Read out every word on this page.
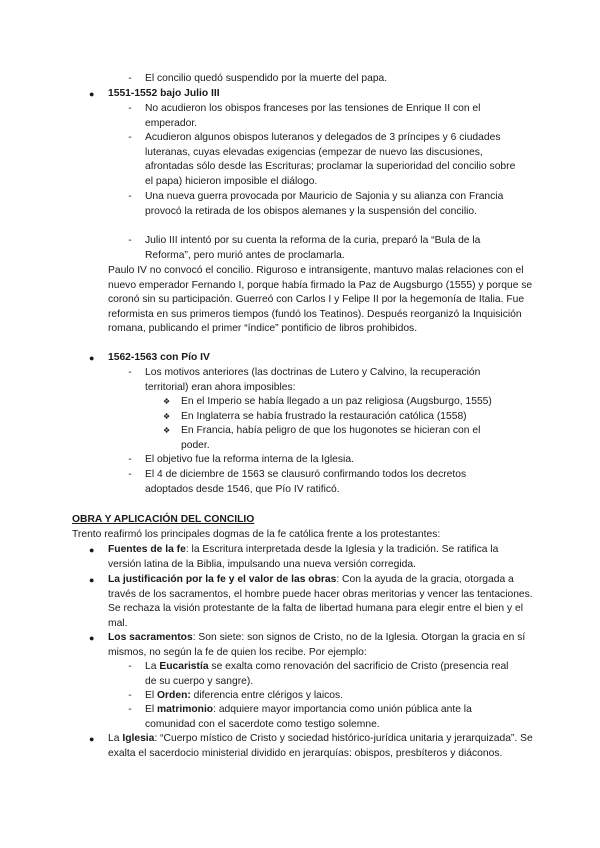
-	El concilio quedó suspendido por la muerte del papa.
● 1551-1552 bajo Julio III
-	No acudieron los obispos franceses por las tensiones de Enrique II con el emperador.
-	Acudieron algunos obispos luteranos y delegados de 3 príncipes y 6 ciudades luteranas, cuyas elevadas exigencias (empezar de nuevo las discusiones, afrontadas sólo desde las Escrituras; proclamar la superioridad del concilio sobre el papa) hicieron imposible el diálogo.
-	Una nueva guerra provocada por Mauricio de Sajonia y su alianza con Francia provocó la retirada de los obispos alemanes y la suspensión del concilio.
-	Julio III intentó por su cuenta la reforma de la curia, preparó la “Bula de la Reforma”, pero murió antes de proclamarla.
Paulo IV no convocó el concilio. Riguroso e intransigente, mantuvo malas relaciones con el nuevo emperador Fernando I, porque había firmado la Paz de Augsburgo (1555) y porque se coronó sin su participación. Guerreó con Carlos I y Felipe II por la hegemonía de Italia. Fue reformista en sus primeros tiempos (fundó los Teatinos). Después reorganizó la Inquisición romana, publicando el primer “índice” pontificio de libros prohibidos.
● 1562-1563 con Pío IV
-	Los motivos anteriores (las doctrinas de Lutero y Calvino, la recuperación territorial) eran ahora imposibles:
❖ En el Imperio se había llegado a un paz religiosa (Augsburgo, 1555)
❖ En Inglaterra se había frustrado la restauración católica (1558)
❖ En Francia, había peligro de que los hugonotes se hicieran con el poder.
-	El objetivo fue la reforma interna de la Iglesia.
-	El 4 de diciembre de 1563 se clausuró confirmando todos los decretos adoptados desde 1546, que Pío IV ratificó.
OBRA Y APLICACIÓN DEL CONCILIO
Trento reafirmó los principales dogmas de la fe católica frente a los protestantes:
● Fuentes de la fe: la Escritura interpretada desde la Iglesia y la tradición. Se ratifica la versión latina de la Biblia, impulsando una nueva versión corregida.
● La justificación por la fe y el valor de las obras: Con la ayuda de la gracia, otorgada a través de los sacramentos, el hombre puede hacer obras meritorias y vencer las tentaciones. Se rechaza la visión protestante de la falta de libertad humana para elegir entre el bien y el mal.
● Los sacramentos: Son siete: son signos de Cristo, no de la Iglesia. Otorgan la gracia en sí mismos, no según la fe de quien los recibe. Por ejemplo:
-	La Eucaristía se exalta como renovación del sacrificio de Cristo (presencia real de su cuerpo y sangre).
-	El Orden: diferencia entre clérigos y laicos.
-	El matrimonio: adquiere mayor importancia como unión pública ante la comunidad con el sacerdote como testigo solemne.
● La Iglesia: “Cuerpo místico de Cristo y sociedad histórico-jurídica unitaria y jerarquizada”. Se exalta el sacerdocio ministerial dividido en jerarquías: obispos, presbíteros y diáconos.
